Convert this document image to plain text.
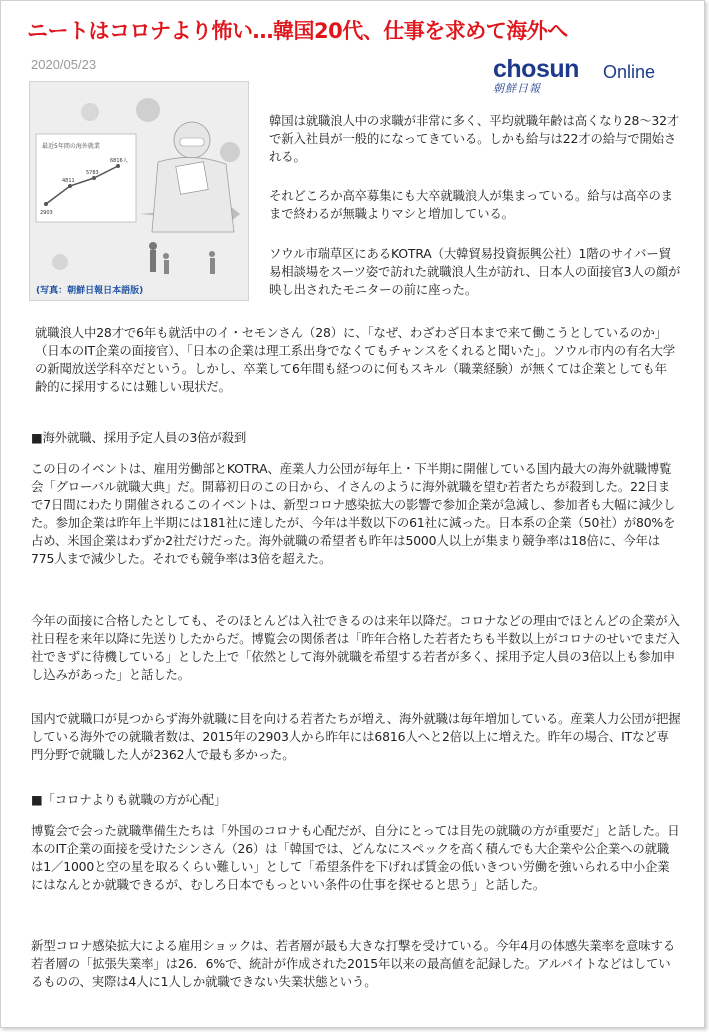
ニートはコロナより怖い…韓国20代、仕事を求めて海外へ
2020/05/23	chosun Online
朝鮮日報
最近5年間の海外就業
2903
4811
5783
6816人
(写真：朝鮮日報日本語版)
韓国は就職浪人中の求職が非常に多く、平均就職年齢は高くなり28～32才で新入社員が一般的になってきている。しかも給与は22才の給与で開始される。
それどころか高卒募集にも大卒就職浪人が集まっている。給与は高卒のままで終わるが無職よりマシと増加している。
ソウル市瑞草区にあるKOTRA（大韓貿易投資振興公社）1階のサイバー貿易相談場をスーツ姿で訪れた就職浪人生が訪れ、日本人の面接官3人の顔が映し出されたモニターの前に座った。
就職浪人中28才で6年も就活中のイ・セモンさん（28）に、「なぜ、わざわざ日本まで来て働こうとしているのか」（日本のIT企業の面接官）、「日本の企業は理工系出身でなくてもチャンスをくれると聞いた」。ソウル市内の有名大学の新聞放送学科卒だという。しかし、卒業して6年間も経つのに何もスキル（職業経験）が無くては企業としても年齢的に採用するには難しい現状だ。
■海外就職、採用予定人員の3倍が殺到
この日のイベントは、雇用労働部とKOTRA、産業人力公団が毎年上・下半期に開催している国内最大の海外就職博覧会「グローバル就職大典」だ。開幕初日のこの日から、イさんのように海外就職を望む若者たちが殺到した。22日まで7日間にわたり開催されるこのイベントは、新型コロナ感染拡大の影響で参加企業が急減し、参加者も大幅に減少した。参加企業は昨年上半期には181社に達したが、今年は半数以下の61社に減った。日本系の企業（50社）が80%を占め、米国企業はわずか2社だけだった。海外就職の希望者も昨年は5000人以上が集まり競争率は18倍に、今年は775人まで減少した。それでも競争率は3倍を超えた。
今年の面接に合格したとしても、そのほとんどは入社できるのは来年以降だ。コロナなどの理由でほとんどの企業が入社日程を来年以降に先送りしたからだ。博覧会の関係者は「昨年合格した若者たちも半数以上がコロナのせいでまだ入社できずに待機している」とした上で「依然として海外就職を希望する若者が多く、採用予定人員の3倍以上も参加申し込みがあった」と話した。
国内で就職口が見つからず海外就職に目を向ける若者たちが増え、海外就職は毎年増加している。産業人力公団が把握している海外での就職者数は、2015年の2903人から昨年には6816人へと2倍以上に増えた。昨年の場合、ITなど専門分野で就職した人が2362人で最も多かった。
■「コロナよりも就職の方が心配」
博覧会で会った就職準備生たちは「外国のコロナも心配だが、自分にとっては目先の就職の方が重要だ」と話した。日本のIT企業の面接を受けたシンさん（26）は「韓国では、どんなにスペックを高く積んでも大企業や公企業への就職は1／1000と空の星を取るくらい難しい」として「希望条件を下げれば賃金の低いきつい労働を強いられる中小企業にはなんとか就職できるが、むしろ日本でもっといい条件の仕事を探せると思う」と話した。
新型コロナ感染拡大による雇用ショックは、若者層が最も大きな打撃を受けている。今年4月の体感失業率を意味する若者層の「拡張失業率」は26．6%で、統計が作成された2015年以来の最高値を記録した。アルバイトなどはしているものの、実際は4人に1人しか就職できない失業状態という。
